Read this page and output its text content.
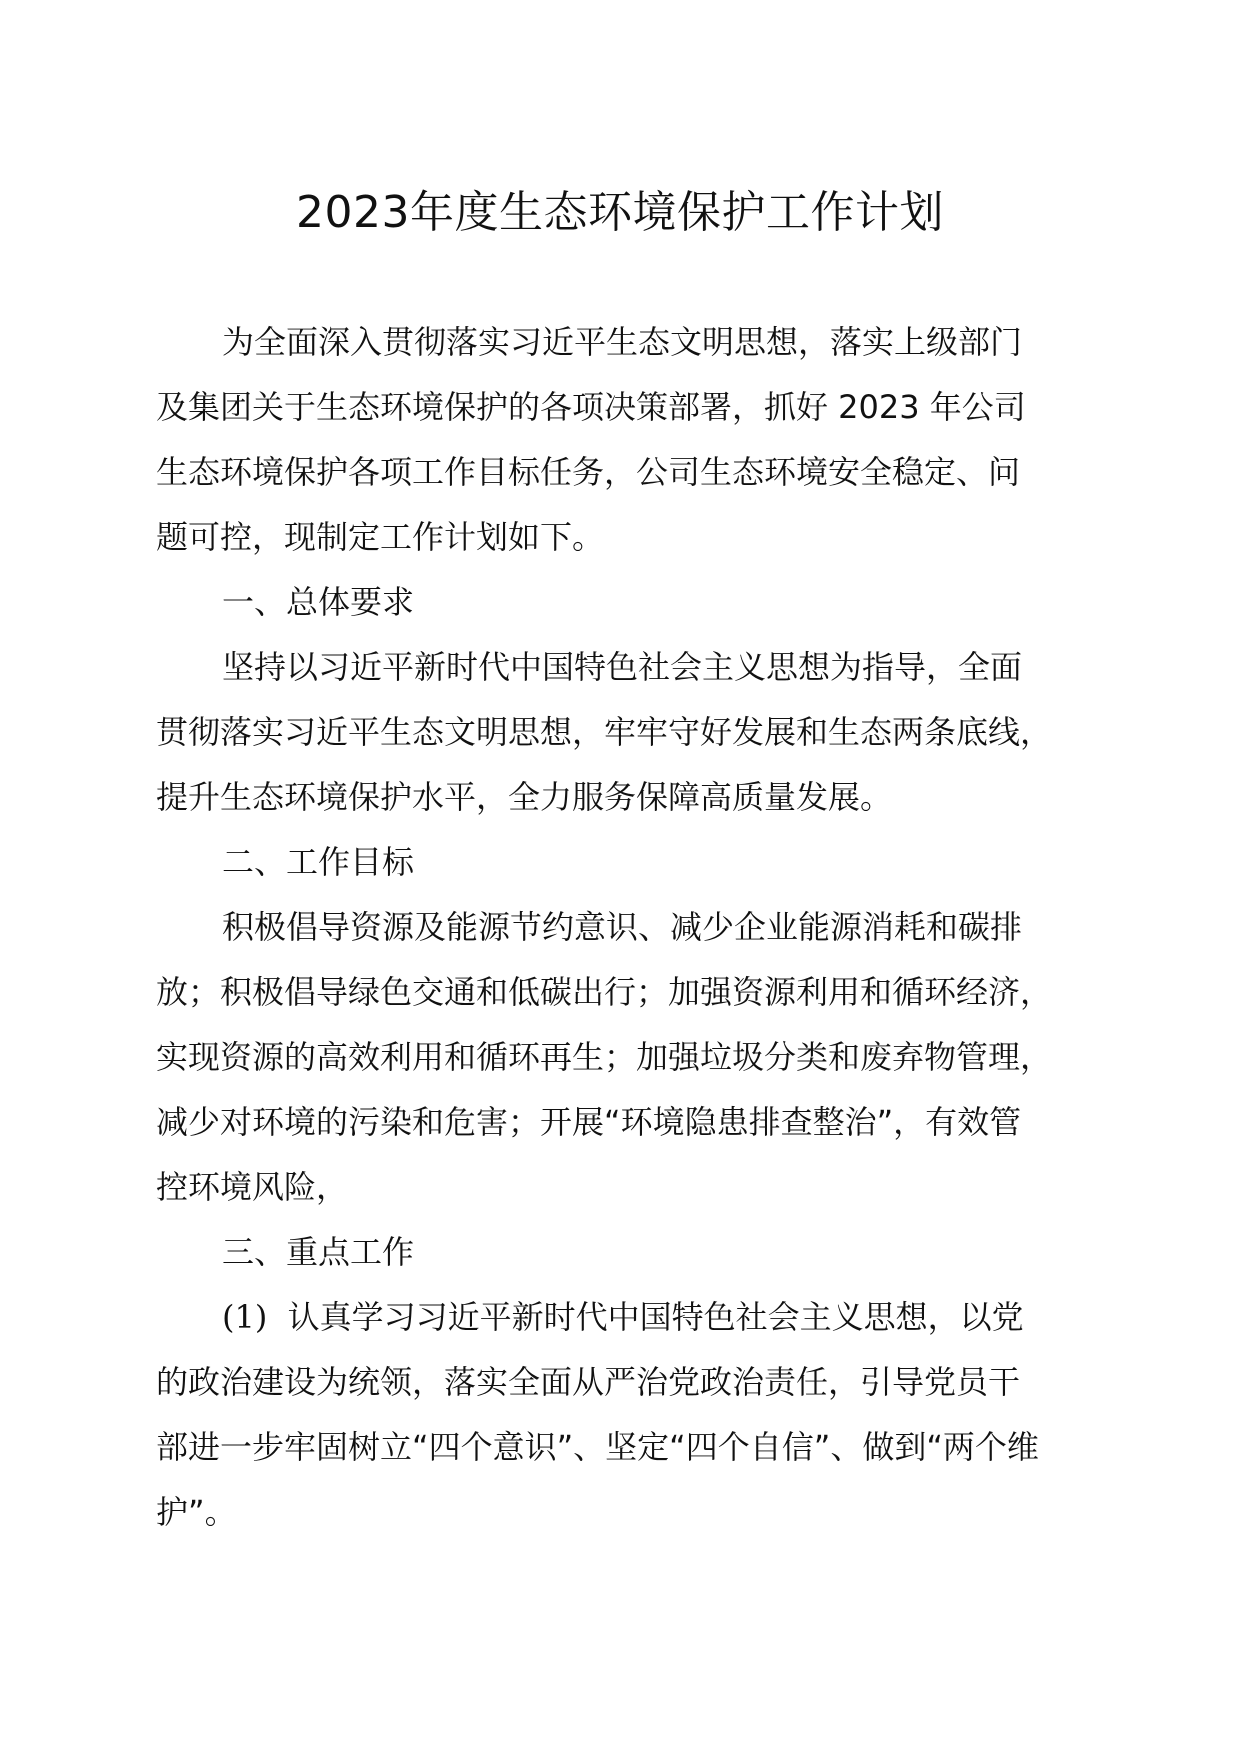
2023年度生态环境保护工作计划
为全面深入贯彻落实习近平生态文明思想，落实上级部门
及集团关于生态环境保护的各项决策部署，抓好 2023 年公司
生态环境保护各项工作目标任务，公司生态环境安全稳定、问
题可控，现制定工作计划如下。
一、总体要求
坚持以习近平新时代中国特色社会主义思想为指导，全面
贯彻落实习近平生态文明思想，牢牢守好发展和生态两条底线，
提升生态环境保护水平，全力服务保障高质量发展。
二、工作目标
积极倡导资源及能源节约意识、减少企业能源消耗和碳排
放；积极倡导绿色交通和低碳出行；加强资源利用和循环经济，
实现资源的高效利用和循环再生；加强垃圾分类和废弃物管理，
减少对环境的污染和危害；开展“环境隐患排查整治”，有效管
控环境风险，
三、重点工作
(1) 认真学习习近平新时代中国特色社会主义思想，以党
的政治建设为统领，落实全面从严治党政治责任，引导党员干
部进一步牢固树立“四个意识”、坚定“四个自信”、做到“两个维
护”。
